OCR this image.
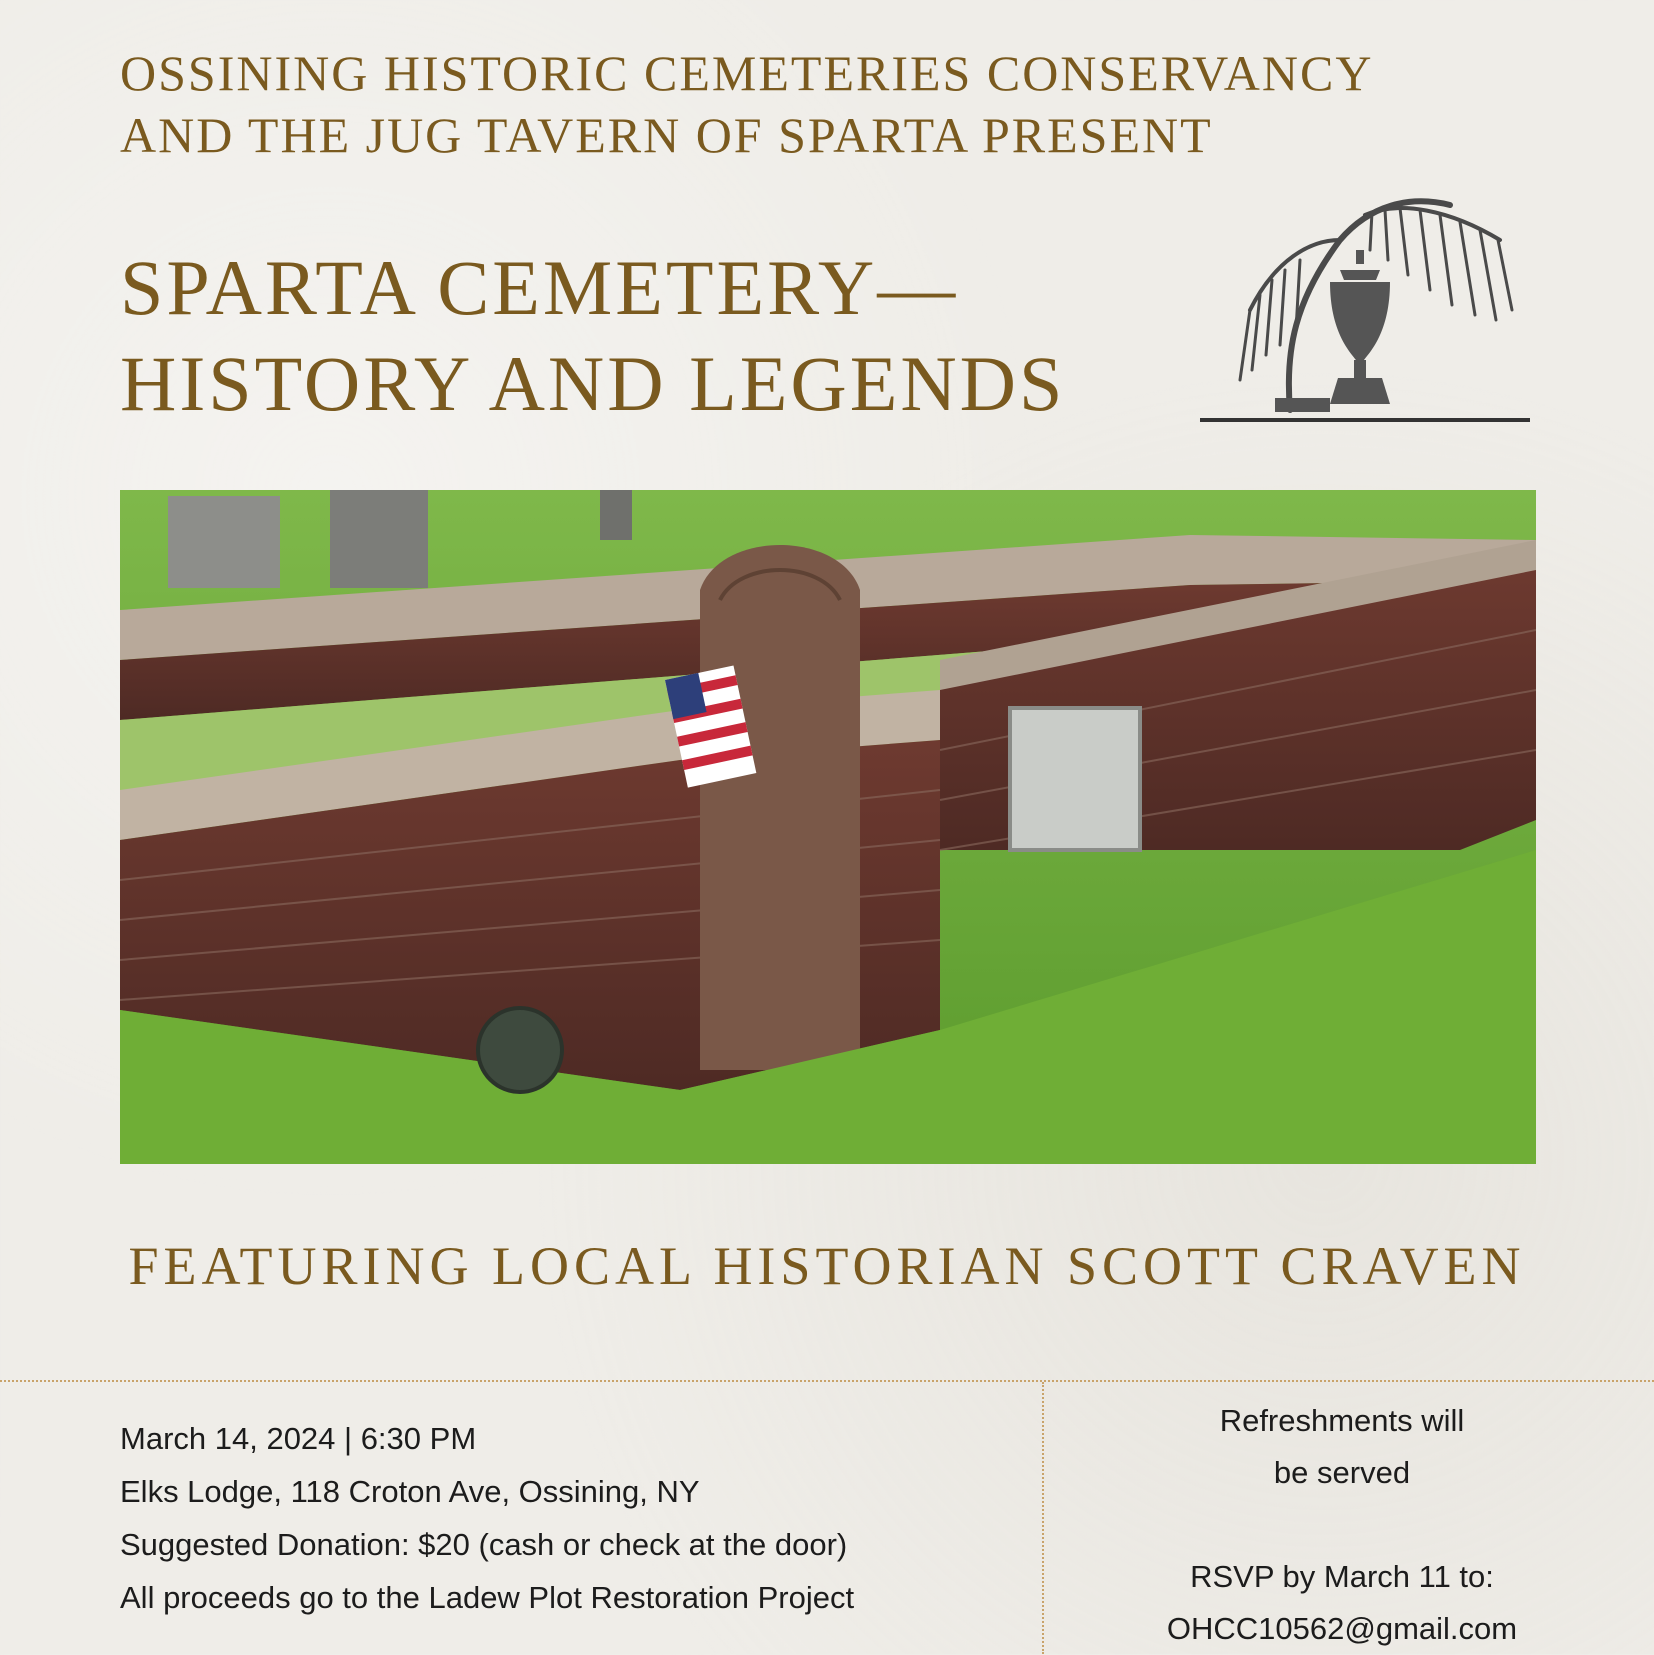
OSSINING HISTORIC CEMETERIES CONSERVANCY
AND THE JUG TAVERN OF SPARTA PRESENT
SPARTA CEMETERY—
HISTORY AND LEGENDS
FEATURING LOCAL HISTORIAN SCOTT CRAVEN
March 14, 2024 | 6:30 PM
Elks Lodge, 118 Croton Ave, Ossining, NY
Suggested Donation: $20 (cash or check at the door)
All proceeds go to the Ladew Plot Restoration Project
Refreshments will
be served
RSVP by March 11 to:
OHCC10562@gmail.com
